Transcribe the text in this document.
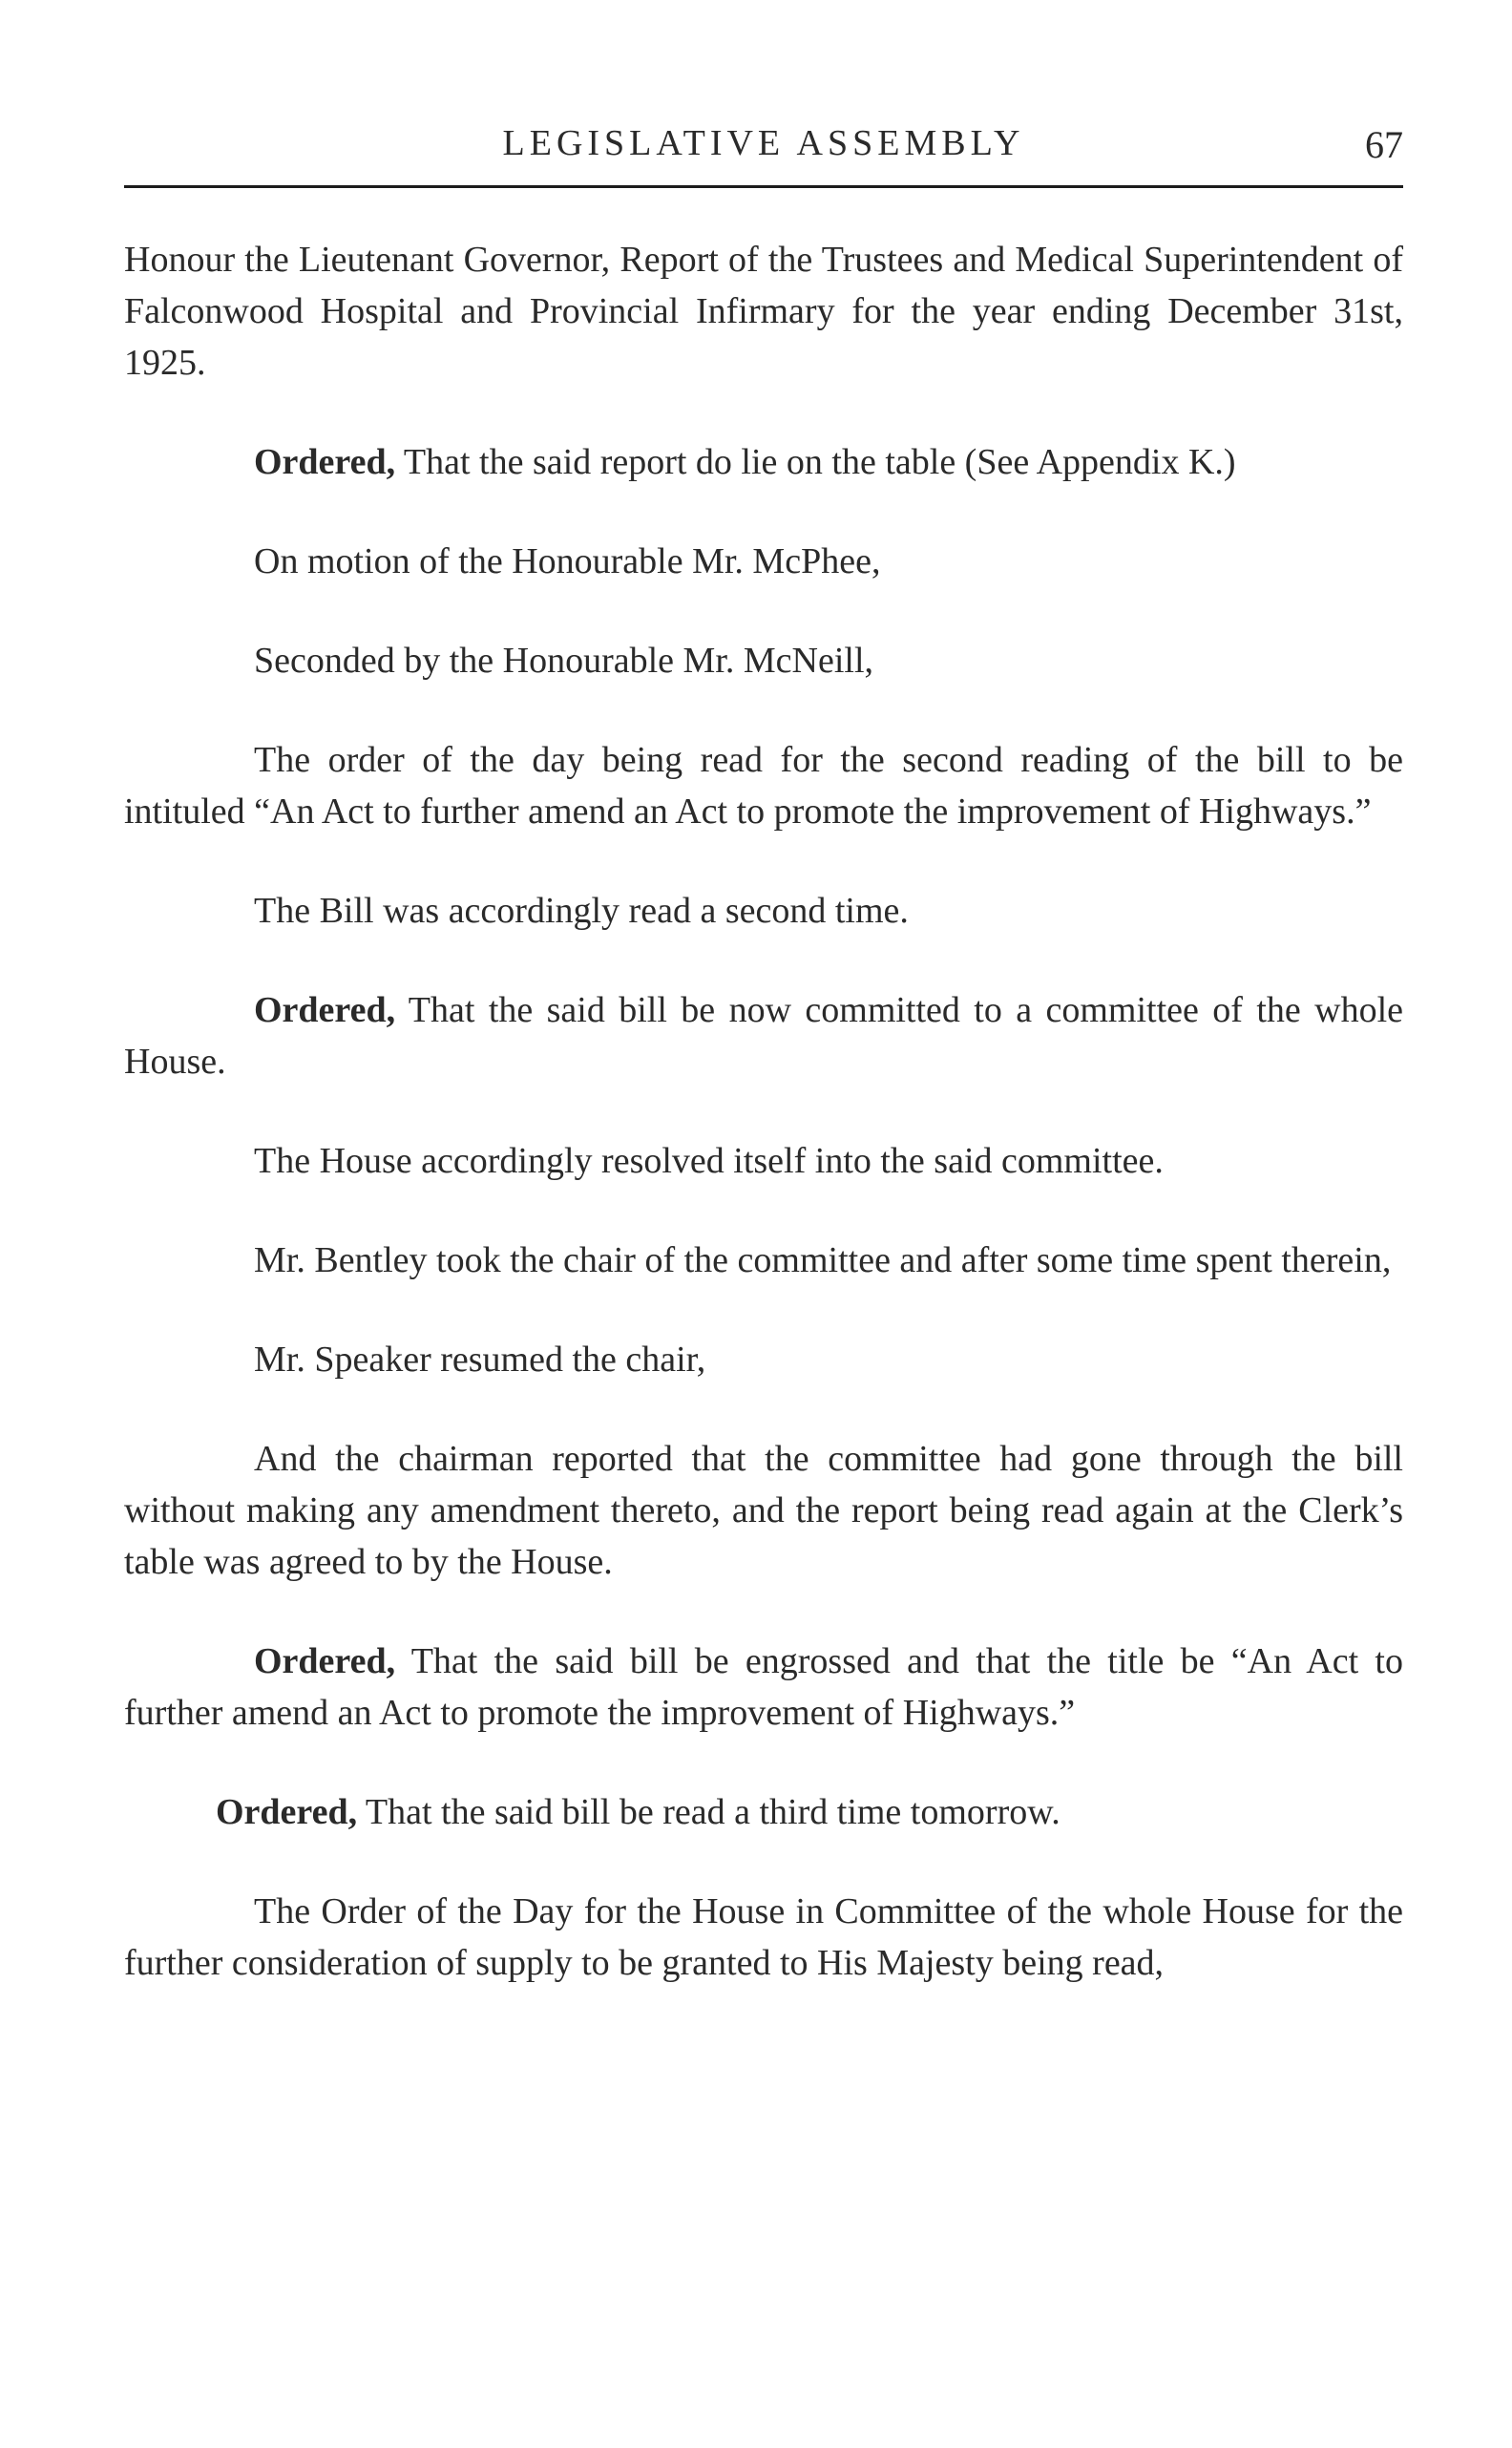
LEGISLATIVE ASSEMBLY	67

Honour the Lieutenant Governor, Report of the Trustees and Medical Superintendent of Falconwood Hospital and Provincial Infirmary for the year ending December 31st, 1925.

Ordered, That the said report do lie on the table (See Appendix K.)

On motion of the Honourable Mr. McPhee,

Seconded by the Honourable Mr. McNeill,

The order of the day being read for the second reading of the bill to be intituled “An Act to further amend an Act to promote the improvement of Highways.”

The Bill was accordingly read a second time.

Ordered, That the said bill be now committed to a committee of the whole House.

The House accordingly resolved itself into the said committee.

Mr. Bentley took the chair of the committee and after some time spent therein,

Mr. Speaker resumed the chair,

And the chairman reported that the committee had gone through the bill without making any amendment thereto, and the report being read again at the Clerk’s table was agreed to by the House.

Ordered, That the said bill be engrossed and that the title be “An Act to further amend an Act to promote the improvement of Highways.”

Ordered, That the said bill be read a third time tomorrow.

The Order of the Day for the House in Committee of the whole House for the further consideration of supply to be granted to His Majesty being read,
